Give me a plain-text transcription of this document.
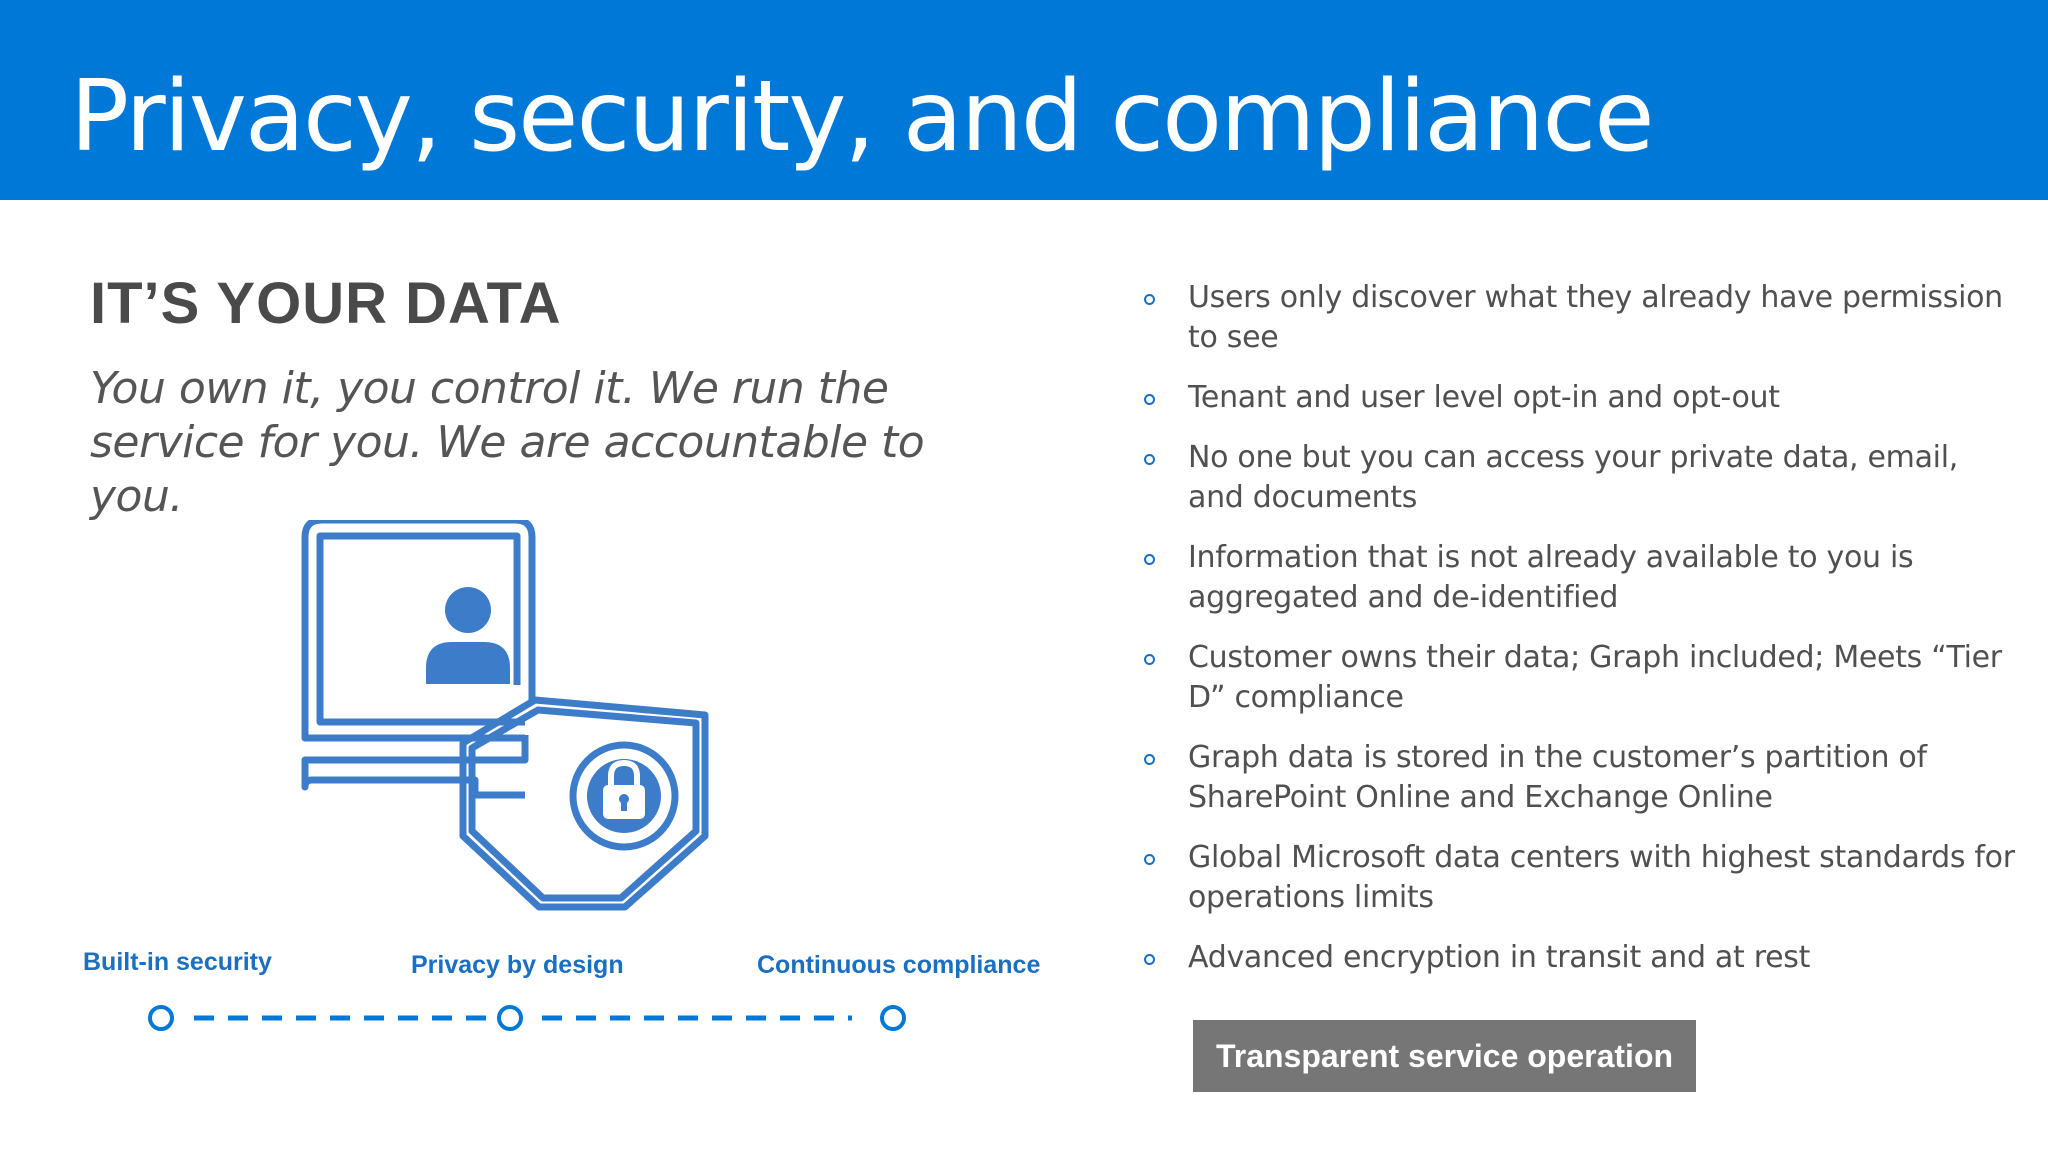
Privacy, security, and compliance
IT’S YOUR DATA

You own it, you control it. We run the service for you. We are accountable to you.

Built-in security	Privacy by design	Continuous compliance
Users only discover what they already have permission to see
Tenant and user level opt-in and opt-out
No one but you can access your private data, email, and documents
Information that is not already available to you is aggregated and de-identified
Customer owns their data; Graph included; Meets “Tier D” compliance
Graph data is stored in the customer’s partition of SharePoint Online and Exchange Online
Global Microsoft data centers with highest standards for operations limits
Advanced encryption in transit and at rest
Transparent service operation
